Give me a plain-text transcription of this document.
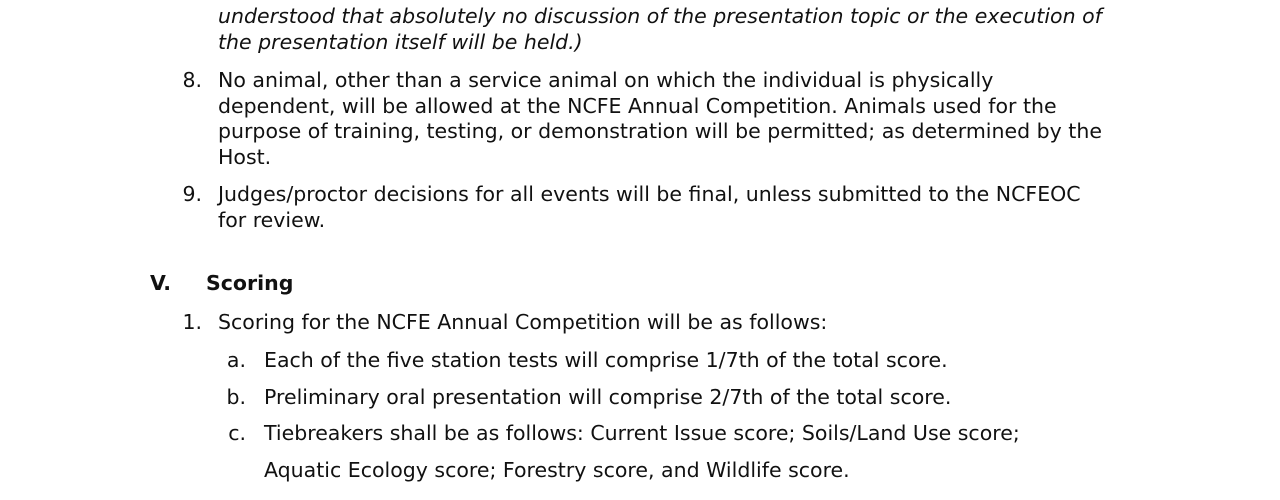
understood that absolutely no discussion of the presentation topic or the execution of
the presentation itself will be held.)
8. No animal, other than a service animal on which the individual is physically
dependent, will be allowed at the NCFE Annual Competition. Animals used for the
purpose of training, testing, or demonstration will be permitted; as determined by the
Host.
9. Judges/proctor decisions for all events will be final, unless submitted to the NCFEOC
for review.
V. Scoring
1. Scoring for the NCFE Annual Competition will be as follows:
a. Each of the five station tests will comprise 1/7th of the total score.
b. Preliminary oral presentation will comprise 2/7th of the total score.
c. Tiebreakers shall be as follows: Current Issue score; Soils/Land Use score;
Aquatic Ecology score; Forestry score, and Wildlife score.
